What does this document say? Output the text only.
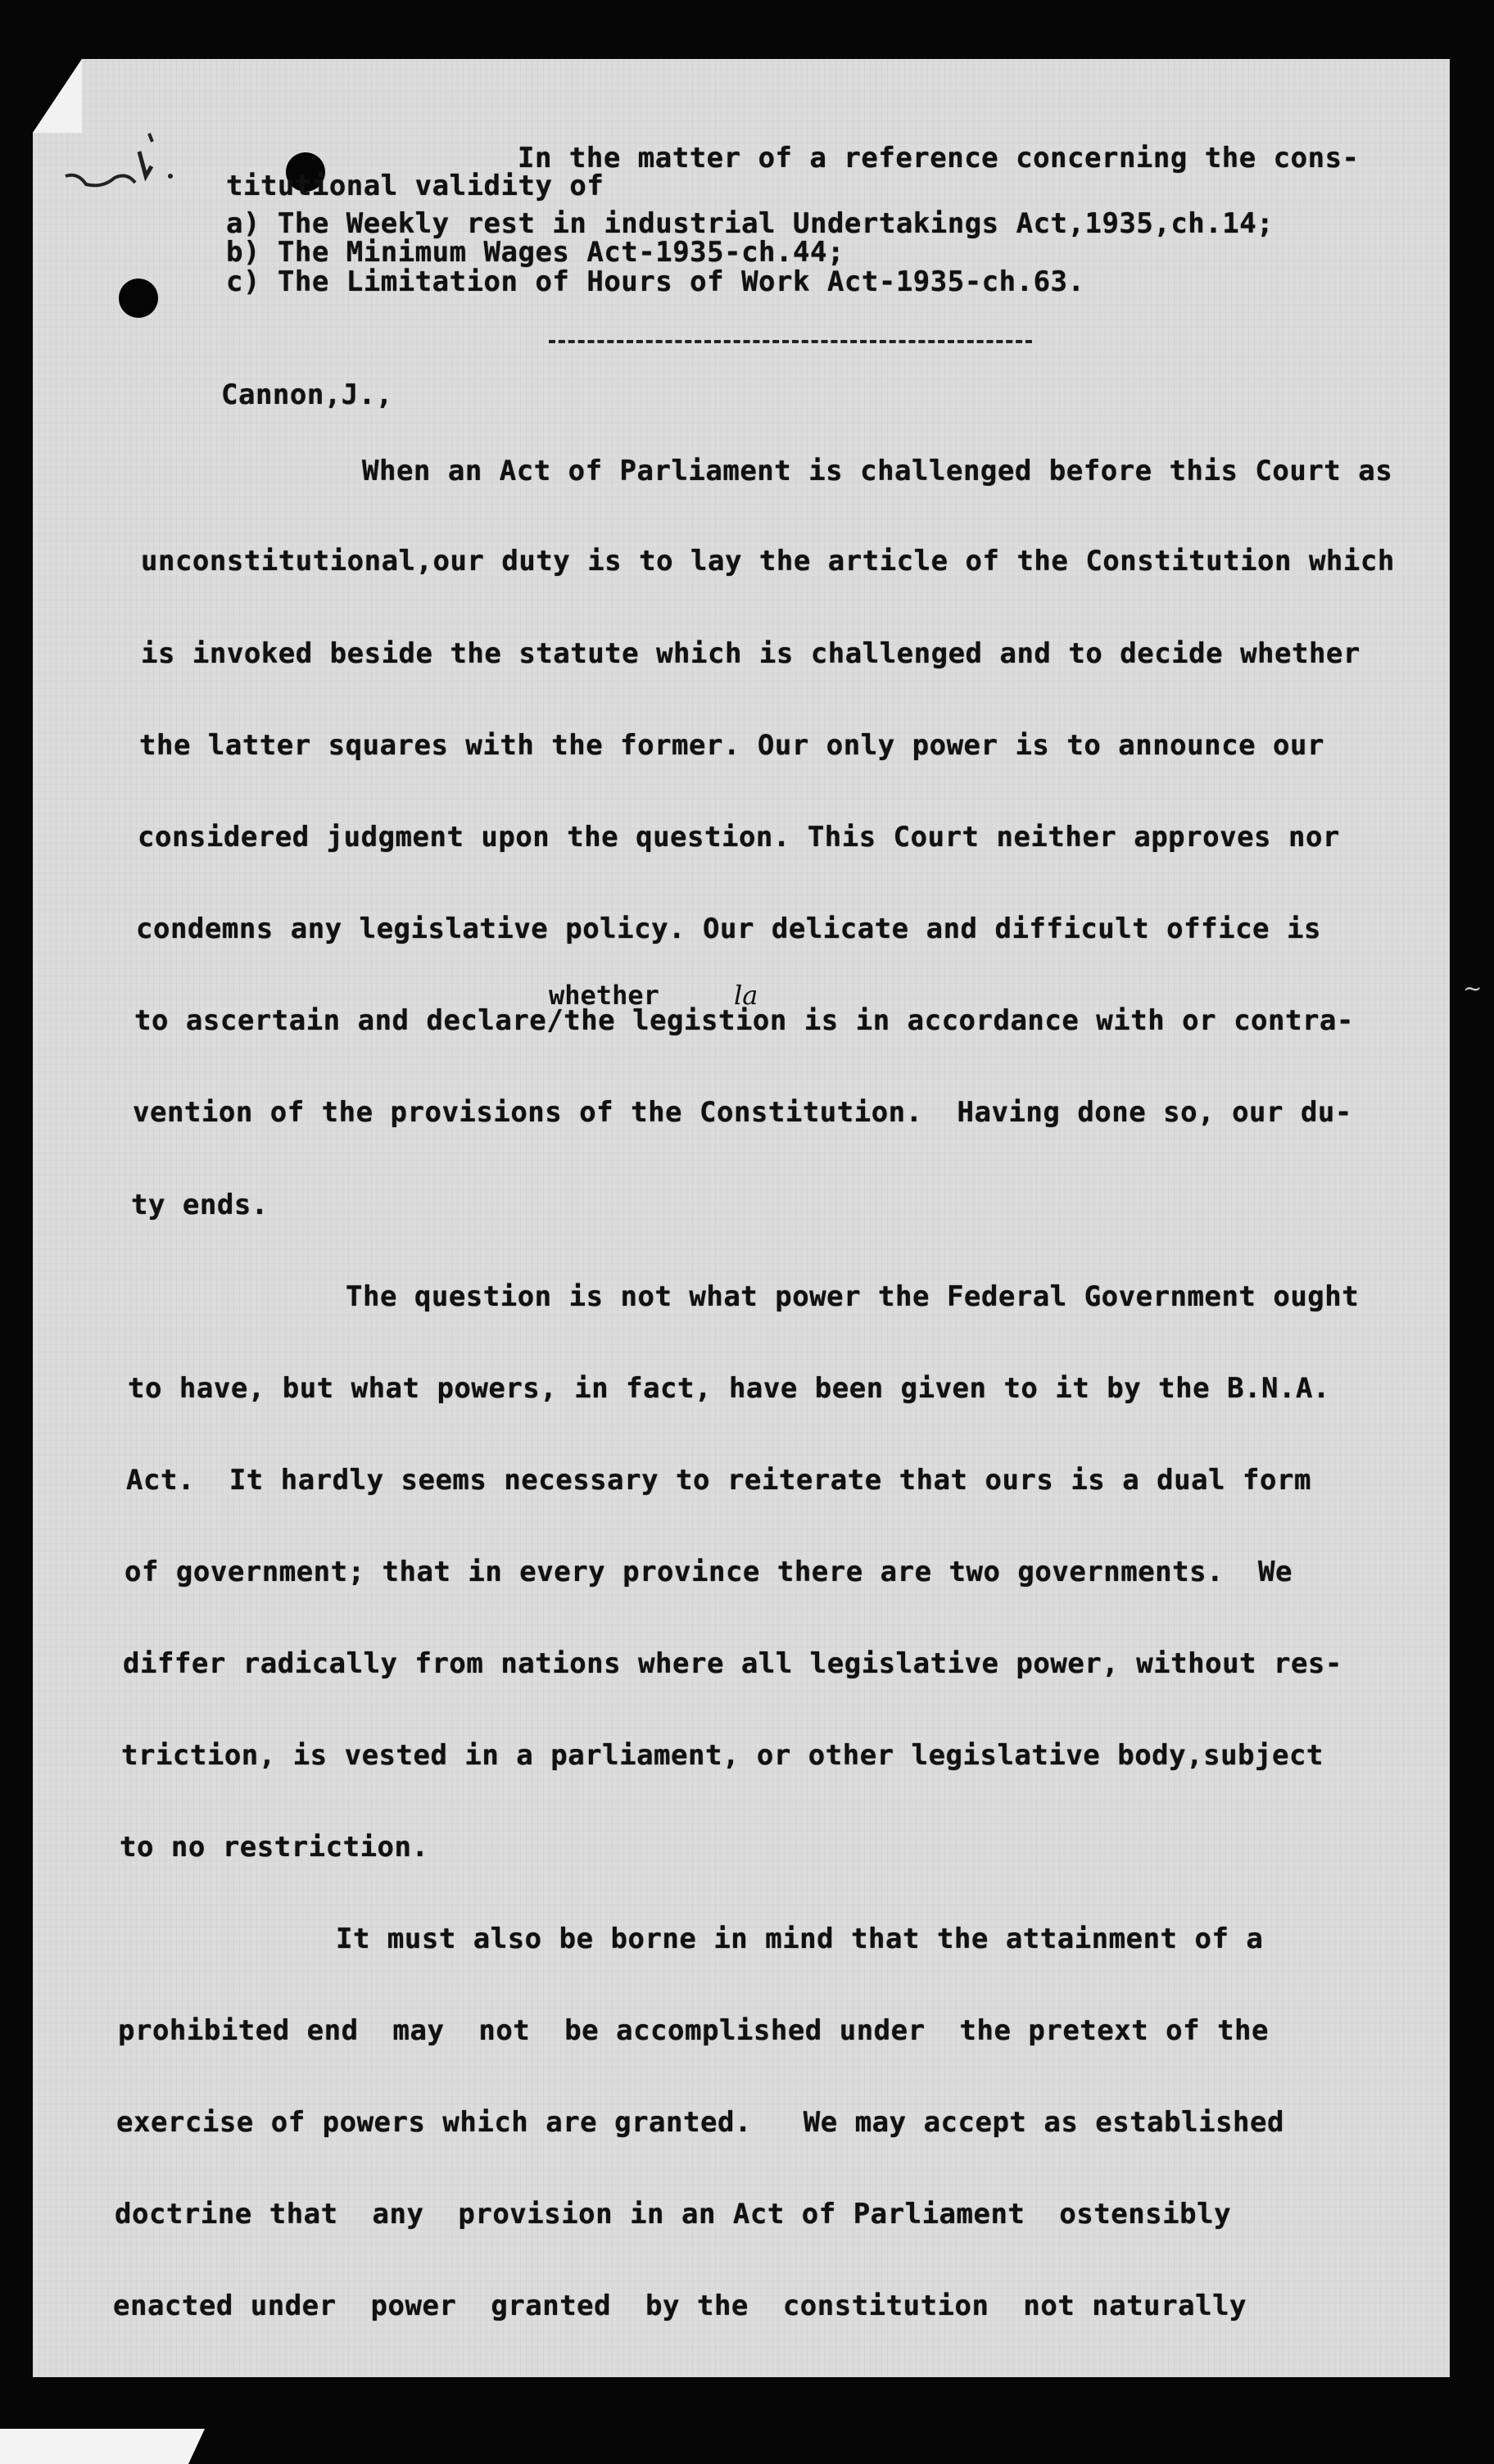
In the matter of a reference concerning the cons-
titutional validity of
a) The Weekly rest in industrial Undertakings Act,1935,ch.14;
b) The Minimum Wages Act-1935-ch.44;
c) The Limitation of Hours of Work Act-1935-ch.63.
Cannon,J.,
When an Act of Parliament is challenged before this Court as
unconstitutional,our duty is to lay the article of the Constitution which
is invoked beside the statute which is challenged and to decide whether
the latter squares with the former. Our only power is to announce our
considered judgment upon the question. This Court neither approves nor
condemns any legislative policy. Our delicate and difficult office is
to ascertain and declare/the legistion is in accordance with or contra-
vention of the provisions of the Constitution.  Having done so, our du-
ty ends.
The question is not what power the Federal Government ought
to have, but what powers, in fact, have been given to it by the B.N.A.
Act.  It hardly seems necessary to reiterate that ours is a dual form
of government; that in every province there are two governments.  We
differ radically from nations where all legislative power, without res-
triction, is vested in a parliament, or other legislative body,subject
to no restriction.
It must also be borne in mind that the attainment of a
prohibited end  may  not  be accomplished under  the pretext of the
exercise of powers which are granted.   We may accept as established
doctrine that  any  provision in an Act of Parliament  ostensibly
enacted under  power  granted  by the  constitution  not naturally
whether	la	~
